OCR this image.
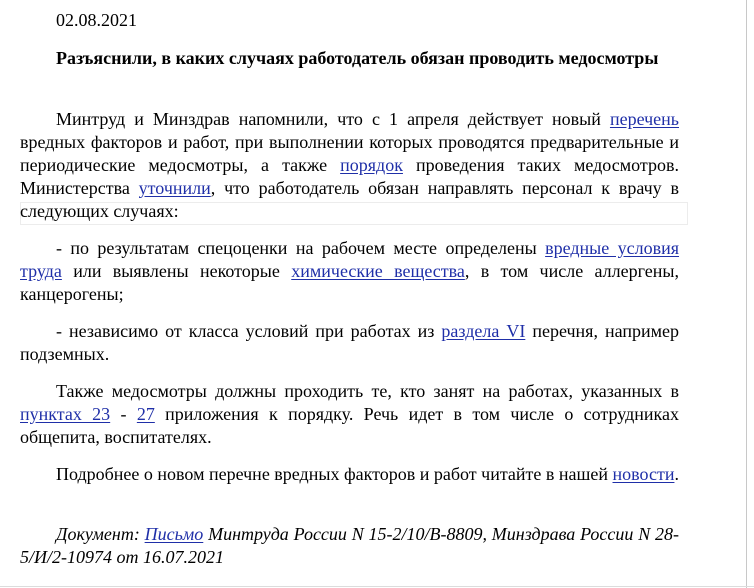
02.08.2021

Разъяснили, в каких случаях работодатель обязан проводить медосмотры

Минтруд и Минздрав напомнили, что с 1 апреля действует новый перечень вредных факторов и работ, при выполнении которых проводятся предварительные и периодические медосмотры, а также порядок проведения таких медосмотров. Министерства уточнили, что работодатель обязан направлять персонал к врачу в следующих случаях:

- по результатам спецоценки на рабочем месте определены вредные условия труда или выявлены некоторые химические вещества, в том числе аллергены, канцерогены;

- независимо от класса условий при работах из раздела VI перечня, например подземных.

Также медосмотры должны проходить те, кто занят на работах, указанных в пунктах 23 - 27 приложения к порядку. Речь идет в том числе о сотрудниках общепита, воспитателях.

Подробнее о новом перечне вредных факторов и работ читайте в нашей новости.

Документ: Письмо Минтруда России N 15-2/10/В-8809, Минздрава России N 28-5/И/2-10974 от 16.07.2021
